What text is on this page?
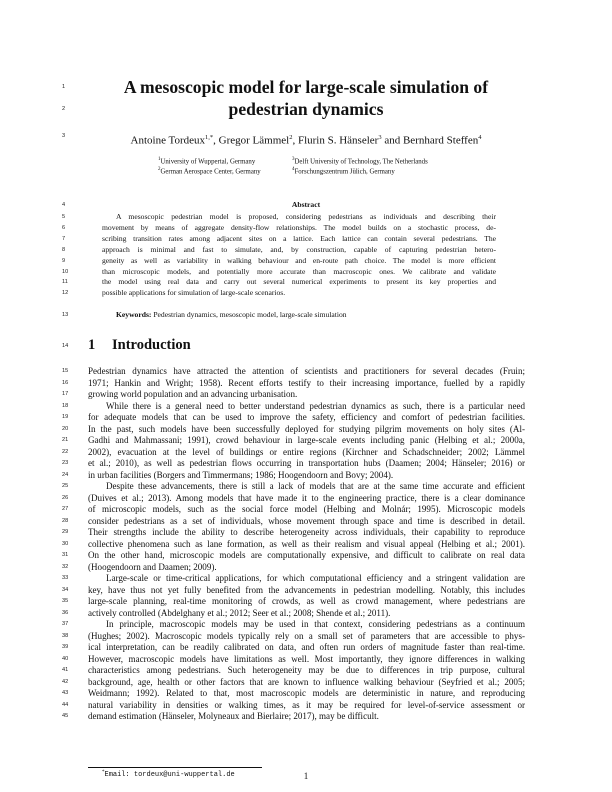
1
2
3
4
5
6
7
8
9
10
11
12
13
14
15
16
17
18
19
20
21
22
23
24
25
26
27
28
29
30
31
32
33
34
35
36
37
38
39
40
41
42
43
44
45
A mesoscopic model for large-scale simulation of
pedestrian dynamics
Antoine Tordeux$^{1,*}$, Gregor Lämmel$^2$, Flurin S. Hänseler$^3$ and Bernhard Steffen$^4$
$^1$University of Wuppertal, Germany	$^3$Delft University of Technology, The Netherlands
$^2$German Aerospace Center, Germany	$^4$Forschungszentrum Jülich, Germany
Abstract
A mesoscopic pedestrian model is proposed, considering pedestrians as individuals and describing their
movement by means of aggregate density-flow relationships. The model builds on a stochastic process, de-
scribing transition rates among adjacent sites on a lattice. Each lattice can contain several pedestrians. The
approach is minimal and fast to simulate, and, by construction, capable of capturing pedestrian hetero-
geneity as well as variability in walking behaviour and en-route path choice. The model is more efficient
than microscopic models, and potentially more accurate than macroscopic ones. We calibrate and validate
the model using real data and carry out several numerical experiments to present its key properties and
possible applications for simulation of large-scale scenarios.
Keywords: Pedestrian dynamics, mesoscopic model, large-scale simulation
1 Introduction
Pedestrian dynamics have attracted the attention of scientists and practitioners for several decades (Fruin;
1971; Hankin and Wright; 1958). Recent efforts testify to their increasing importance, fuelled by a rapidly
growing world population and an advancing urbanisation.
While there is a general need to better understand pedestrian dynamics as such, there is a particular need
for adequate models that can be used to improve the safety, efficiency and comfort of pedestrian facilities.
In the past, such models have been successfully deployed for studying pilgrim movements on holy sites (Al-
Gadhi and Mahmassani; 1991), crowd behaviour in large-scale events including panic (Helbing et al.; 2000a,
2002), evacuation at the level of buildings or entire regions (Kirchner and Schadschneider; 2002; Lämmel
et al.; 2010), as well as pedestrian flows occurring in transportation hubs (Daamen; 2004; Hänseler; 2016) or
in urban facilities (Borgers and Timmermans; 1986; Hoogendoorn and Bovy; 2004).
Despite these advancements, there is still a lack of models that are at the same time accurate and efficient
(Duives et al.; 2013). Among models that have made it to the engineering practice, there is a clear dominance
of microscopic models, such as the social force model (Helbing and Molnár; 1995). Microscopic models
consider pedestrians as a set of individuals, whose movement through space and time is described in detail.
Their strengths include the ability to describe heterogeneity across individuals, their capability to reproduce
collective phenomena such as lane formation, as well as their realism and visual appeal (Helbing et al.; 2001).
On the other hand, microscopic models are computationally expensive, and difficult to calibrate on real data
(Hoogendoorn and Daamen; 2009).
Large-scale or time-critical applications, for which computational efficiency and a stringent validation are
key, have thus not yet fully benefited from the advancements in pedestrian modelling. Notably, this includes
large-scale planning, real-time monitoring of crowds, as well as crowd management, where pedestrians are
actively controlled (Abdelghany et al.; 2012; Seer et al.; 2008; Shende et al.; 2011).
In principle, macroscopic models may be used in that context, considering pedestrians as a continuum
(Hughes; 2002). Macroscopic models typically rely on a small set of parameters that are accessible to phys-
ical interpretation, can be readily calibrated on data, and often run orders of magnitude faster than real-time.
However, macroscopic models have limitations as well. Most importantly, they ignore differences in walking
characteristics among pedestrians. Such heterogeneity may be due to differences in trip purpose, cultural
background, age, health or other factors that are known to influence walking behaviour (Seyfried et al.; 2005;
Weidmann; 1992). Related to that, most macroscopic models are deterministic in nature, and reproducing
natural variability in densities or walking times, as it may be required for level-of-service assessment or
demand estimation (Hänseler, Molyneaux and Bierlaire; 2017), may be difficult.
*Email: tordeux@uni-wuppertal.de	1
